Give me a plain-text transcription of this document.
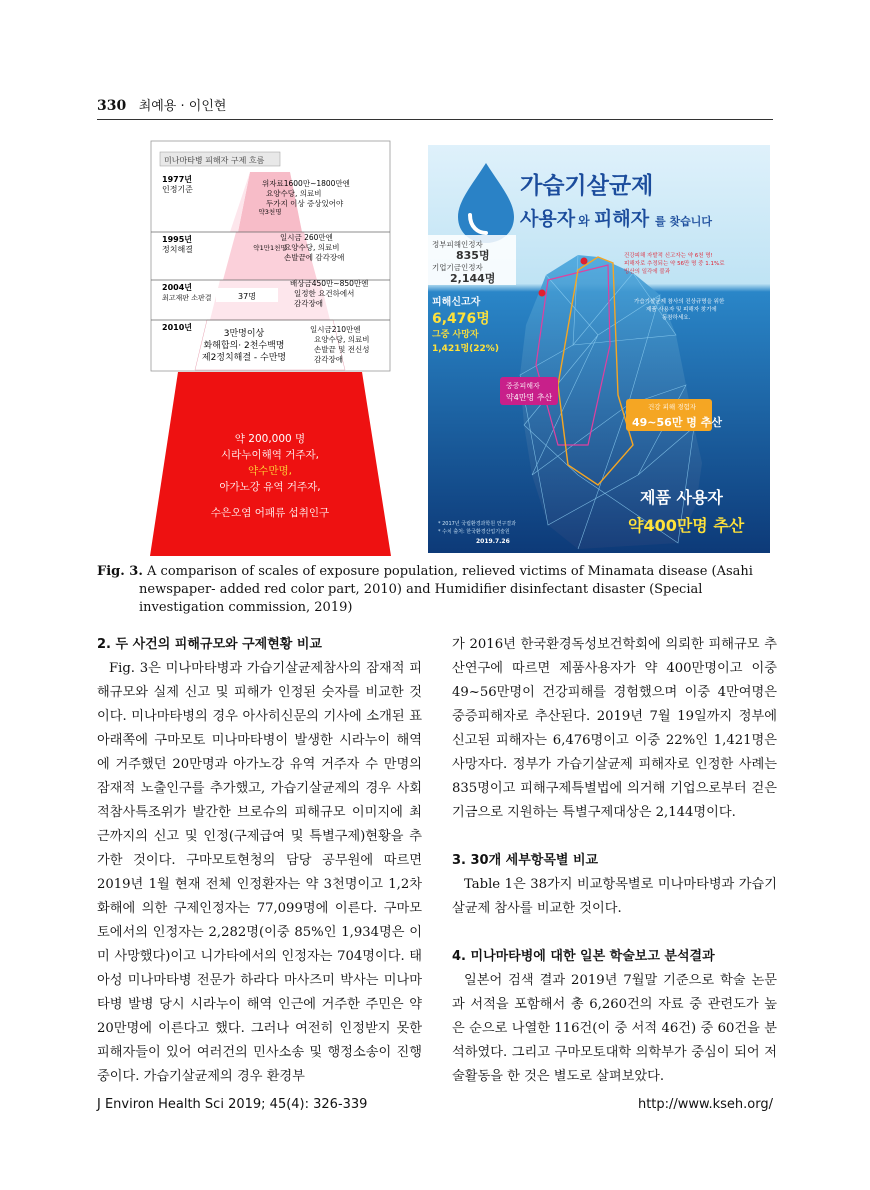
330 최예용 · 이인현
미나마타병 피해자 구제 흐름
1977년
인정기준
1995년
정치해결
2004년
최고재판 소판결
2010년
위자료1600만~1800만엔
요양수당, 의료비
두가지 이상 증상있어야
일시금 260만엔
요양수당, 의료비
손발끝에 감각장애
배상금450만~850만엔
일정한 요건하에서
감각장애
일시금210만엔
요양수당, 의료비
손발끝 및 전신성
감각장애
약3천명
약1만1천명
37명
3만명이상
화해합의· 2천수백명
제2정치해결 - 수만명
약 200,000 명
시라누이해역 거주자,
약수만명,
아가노강 유역 거주자,
수은오염 어패류 섭취인구
가습기살균제
사용자 와 피해자 를 찾습니다
정부피해인정자
835명
기업기금인정자
2,144명
피해신고자
6,476명
그중 사망자
1,421명(22%)
건강피해 자발적 신고자는 약 6천 명!
피해자로 추정되는 약 56만 명 중 1.1%로
빙산의 일각에 불과
가습기살균제 참사의 진상규명을 위한
제품 사용자 및 피해자 찾기에
동참하세요.
중증피해자
약4만명 추산
건강 피해 경험자
49~56만 명 추산
제품 사용자
약400만명 추산
* 2017년 국립환경과학원 연구결과
* 수치 출처: 한국환경산업기술원
2019.7.26
Fig. 3. A comparison of scales of exposure population, relieved victims of Minamata disease (Asahi newspaper- added red color part, 2010) and Humidifier disinfectant disaster (Special investigation commission, 2019)

2. 두 사건의 피해규모와 구제현황 비교

Fig. 3은 미나마타병과 가습기살균제참사의 잠재적 피해규모와 실제 신고 및 피해가 인정된 숫자를 비교한 것이다. 미나마타병의 경우 아사히신문의 기사에 소개된 표 아래쪽에 구마모토 미나마타병이 발생한 시라누이 해역에 거주했던 20만명과 아가노강 유역 거주자 수 만명의 잠재적 노출인구를 추가했고, 가습기살균제의 경우 사회적참사특조위가 발간한 브로슈의 피해규모 이미지에 최근까지의 신고 및 인정(구제급여 및 특별구제)현황을 추가한 것이다. 구마모토현청의 담당 공무원에 따르면 2019년 1월 현재 전체 인정환자는 약 3천명이고 1,2차 화해에 의한 구제인정자는 77,099명에 이른다. 구마모토에서의 인정자는 2,282명(이중 85%인 1,934명은 이미 사망했다)이고 니가타에서의 인정자는 704명이다. 태아성 미나마타병 전문가 하라다 마사즈미 박사는 미나마타병 발병 당시 시라누이 해역 인근에 거주한 주민은 약 20만명에 이른다고 했다. 그러나 여전히 인정받지 못한 피해자들이 있어 여러건의 민사소송 및 행정소송이 진행중이다. 가습기살균제의 경우 환경부

가 2016년 한국환경독성보건학회에 의뢰한 피해규모 추산연구에 따르면 제품사용자가 약 400만명이고 이중 49~56만명이 건강피해를 경험했으며 이중 4만여명은 중증피해자로 추산된다. 2019년 7월 19일까지 정부에 신고된 피해자는 6,476명이고 이중 22%인 1,421명은 사망자다. 정부가 가습기살균제 피해자로 인정한 사례는 835명이고 피해구제특별법에 의거해 기업으로부터 걷은 기금으로 지원하는 특별구제대상은 2,144명이다.

3. 30개 세부항목별 비교

Table 1은 38가지 비교항목별로 미나마타병과 가습기살균제 참사를 비교한 것이다.

4. 미나마타병에 대한 일본 학술보고 분석결과

일본어 검색 결과 2019년 7월말 기준으로 학술 논문과 서적을 포함해서 총 6,260건의 자료 중 관련도가 높은 순으로 나열한 116건(이 중 서적 46건) 중 60건을 분석하였다. 그리고 구마모토대학 의학부가 중심이 되어 저술활동을 한 것은 별도로 살펴보았다.

J Environ Health Sci 2019; 45(4): 326-339	http://www.kseh.org/
